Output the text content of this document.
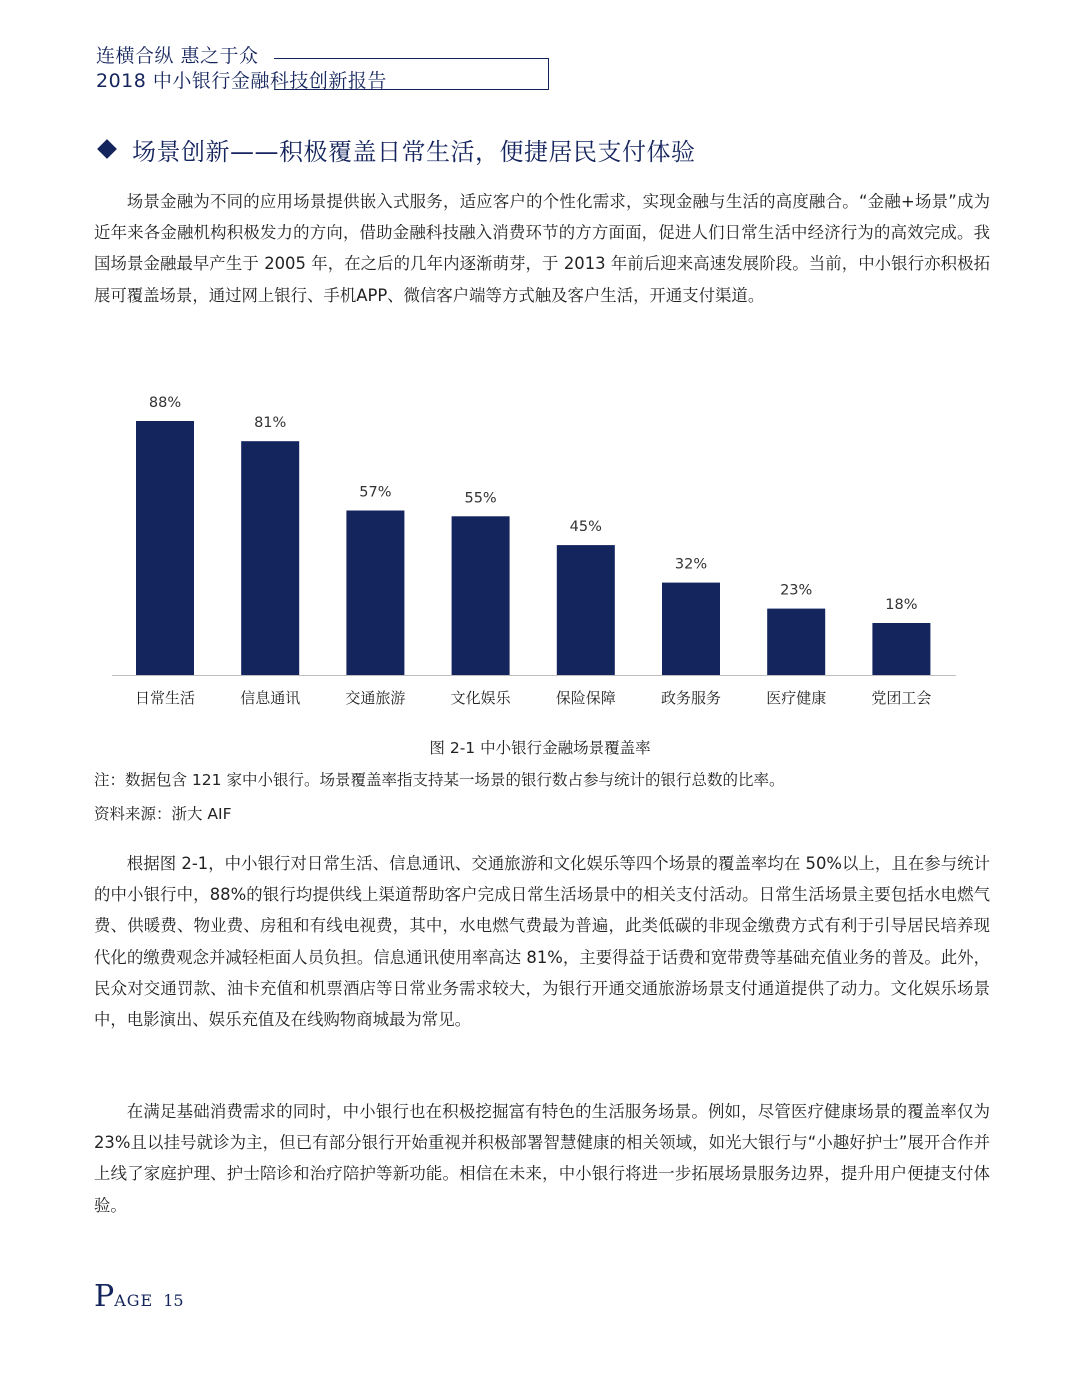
连横合纵 惠之于众
2018 中小银行金融科技创新报告
场景创新——积极覆盖日常生活，便捷居民支付体验

场景金融为不同的应用场景提供嵌入式服务，适应客户的个性化需求，实现金融与生活的高度融合。“金融+场景”成为近年来各金融机构积极发力的方向，借助金融科技融入消费环节的方方面面，促进人们日常生活中经济行为的高效完成。我国场景金融最早产生于 2005 年，在之后的几年内逐渐萌芽，于 2013 年前后迎来高速发展阶段。当前，中小银行亦积极拓展可覆盖场景，通过网上银行、手机APP、微信客户端等方式触及客户生活，开通支付渠道。

88%
日常生活
81%
信息通讯
57%
交通旅游
55%
文化娱乐
45%
保险保障
32%
政务服务
23%
医疗健康
18%
党团工会
图 2-1 中小银行金融场景覆盖率
注：数据包含 121 家中小银行。场景覆盖率指支持某一场景的银行数占参与统计的银行总数的比率。
资料来源：浙大 AIF

根据图 2-1，中小银行对日常生活、信息通讯、交通旅游和文化娱乐等四个场景的覆盖率均在 50%以上，且在参与统计的中小银行中，88%的银行均提供线上渠道帮助客户完成日常生活场景中的相关支付活动。日常生活场景主要包括水电燃气费、供暖费、物业费、房租和有线电视费，其中，水电燃气费最为普遍，此类低碳的非现金缴费方式有利于引导居民培养现代化的缴费观念并减轻柜面人员负担。信息通讯使用率高达 81%，主要得益于话费和宽带费等基础充值业务的普及。此外，民众对交通罚款、油卡充值和机票酒店等日常业务需求较大，为银行开通交通旅游场景支付通道提供了动力。文化娱乐场景中，电影演出、娱乐充值及在线购物商城最为常见。

在满足基础消费需求的同时，中小银行也在积极挖掘富有特色的生活服务场景。例如，尽管医疗健康场景的覆盖率仅为 23%且以挂号就诊为主，但已有部分银行开始重视并积极部署智慧健康的相关领域，如光大银行与“小趣好护士”展开合作并上线了家庭护理、护士陪诊和治疗陪护等新功能。相信在未来，中小银行将进一步拓展场景服务边界，提升用户便捷支付体验。

P AGE 15
